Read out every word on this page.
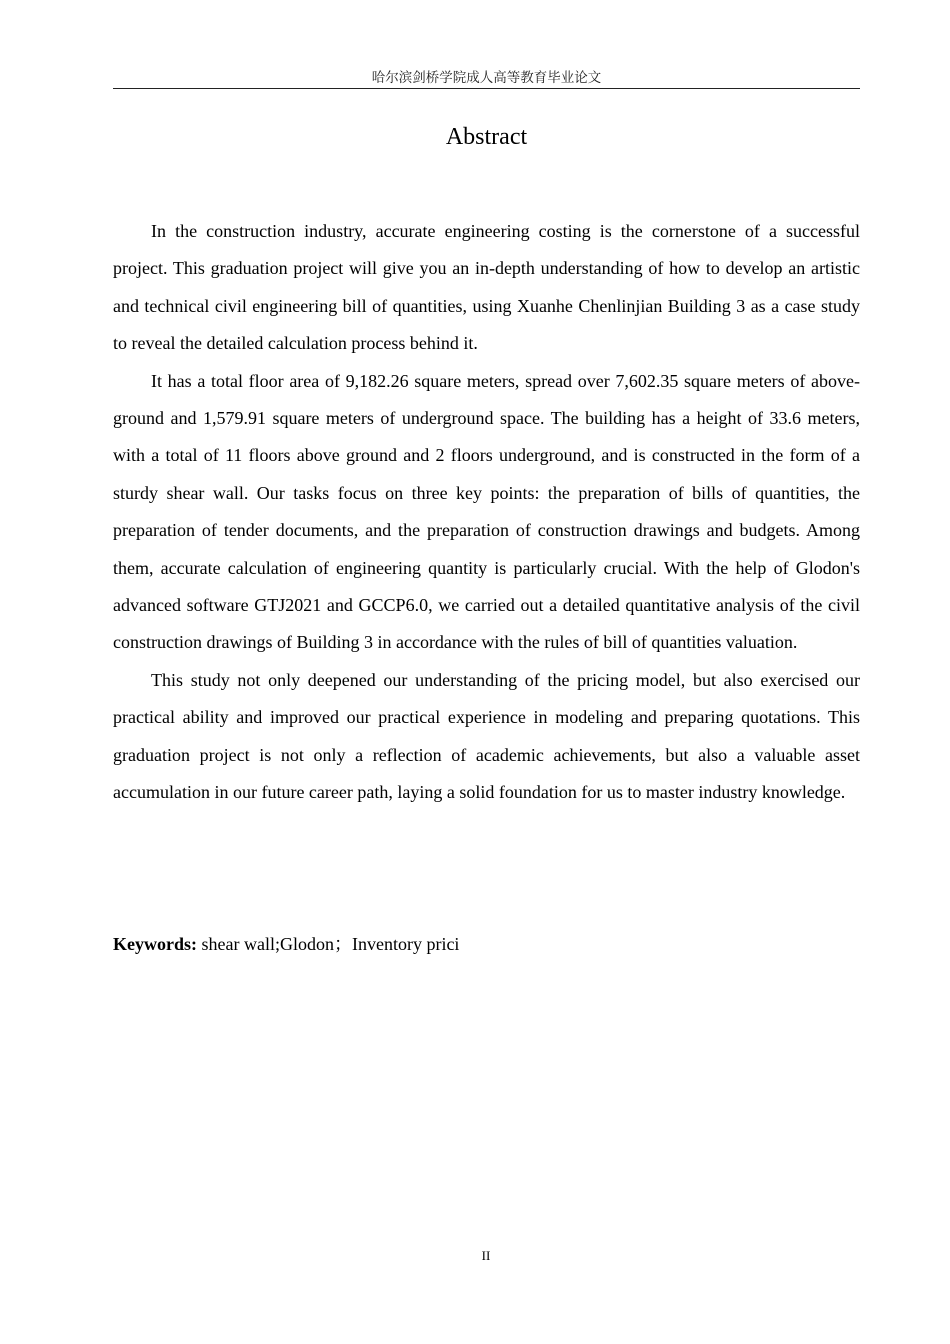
哈尔滨剑桥学院成人高等教育毕业论文
Abstract

In the construction industry, accurate engineering costing is the cornerstone of a successful project. This graduation project will give you an in-depth understanding of how to develop an artistic and technical civil engineering bill of quantities, using Xuanhe Chenlinjian Building 3 as a case study to reveal the detailed calculation process behind it.

It has a total floor area of 9,182.26 square meters, spread over 7,602.35 square meters of above-ground and 1,579.91 square meters of underground space. The building has a height of 33.6 meters, with a total of 11 floors above ground and 2 floors underground, and is constructed in the form of a sturdy shear wall. Our tasks focus on three key points: the preparation of bills of quantities, the preparation of tender documents, and the preparation of construction drawings and budgets. Among them, accurate calculation of engineering quantity is particularly crucial. With the help of Glodon's advanced software GTJ2021 and GCCP6.0, we carried out a detailed quantitative analysis of the civil construction drawings of Building 3 in accordance with the rules of bill of quantities valuation.

This study not only deepened our understanding of the pricing model, but also exercised our practical ability and improved our practical experience in modeling and preparing quotations. This graduation project is not only a reflection of academic achievements, but also a valuable asset accumulation in our future career path, laying a solid foundation for us to master industry knowledge.

Keywords: shear wall;Glodon；Inventory prici
II
